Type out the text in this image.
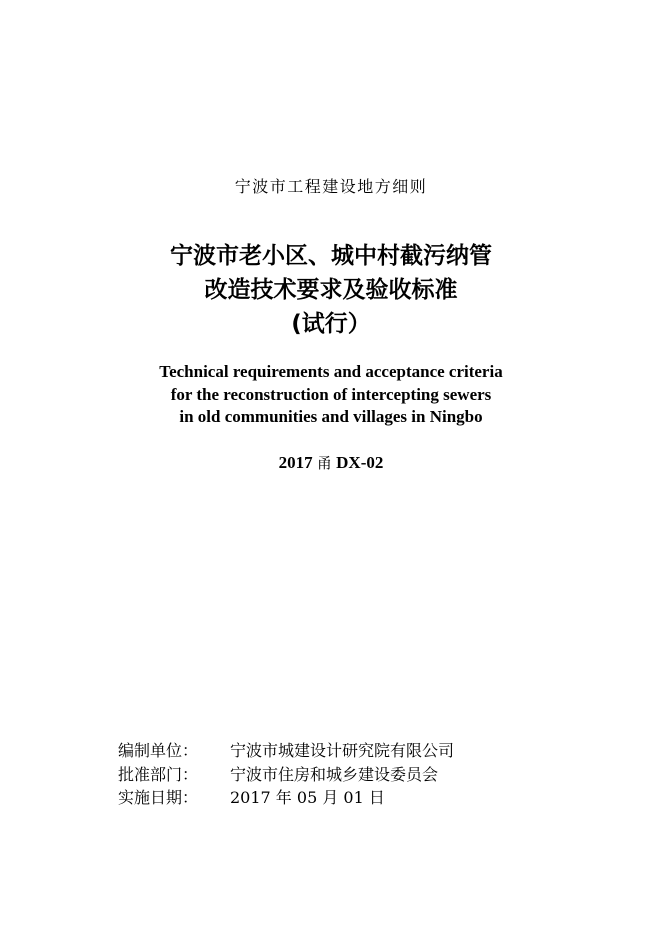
宁波市工程建设地方细则
宁波市老小区、城中村截污纳管
改造技术要求及验收标准
(试行）
Technical requirements and acceptance criteria
for the reconstruction of intercepting sewers
in old communities and villages in Ningbo
2017 甬 DX-02
编制单位： 宁波市城建设计研究院有限公司
批准部门： 宁波市住房和城乡建设委员会
实施日期： 2017 年 05 月 01 日
